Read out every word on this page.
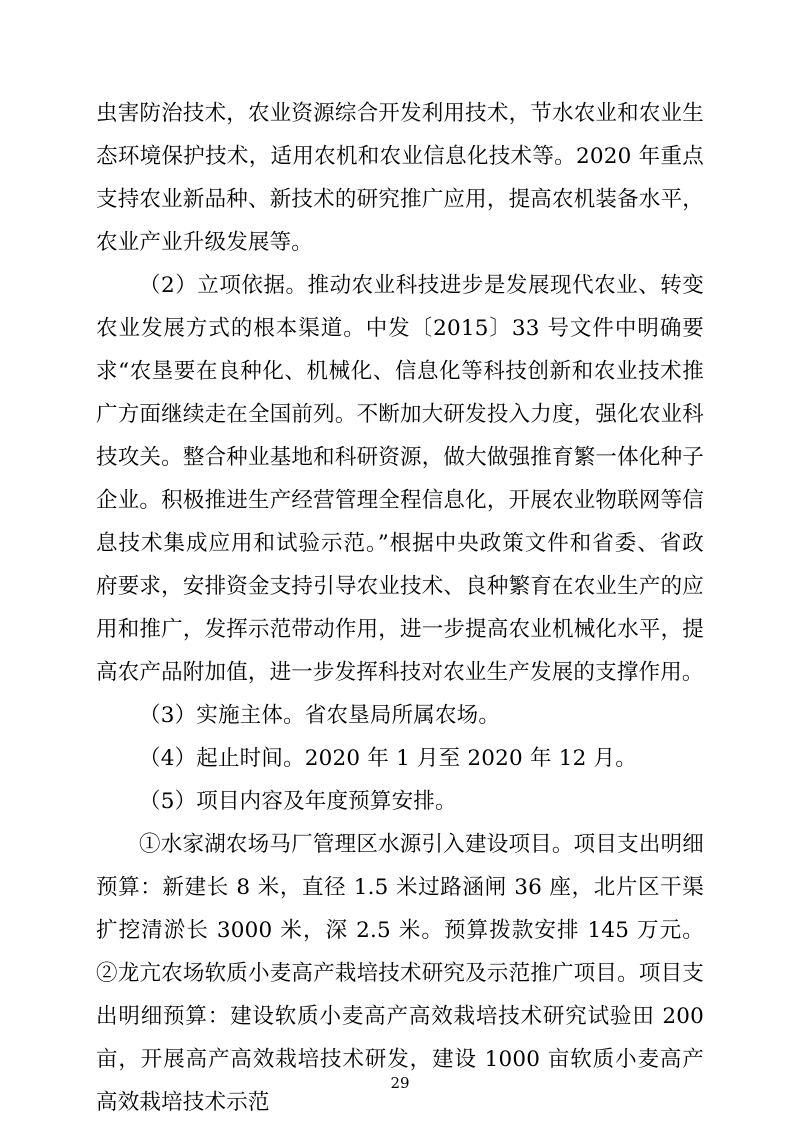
虫害防治技术，农业资源综合开发利用技术，节水农业和农业生态环境保护技术，适用农机和农业信息化技术等。2020 年重点支持农业新品种、新技术的研究推广应用，提高农机装备水平，农业产业升级发展等。

（2）立项依据。推动农业科技进步是发展现代农业、转变农业发展方式的根本渠道。中发〔2015〕33 号文件中明确要求“农垦要在良种化、机械化、信息化等科技创新和农业技术推广方面继续走在全国前列。不断加大研发投入力度，强化农业科技攻关。整合种业基地和科研资源，做大做强推育繁一体化种子企业。积极推进生产经营管理全程信息化，开展农业物联网等信息技术集成应用和试验示范。”根据中央政策文件和省委、省政府要求，安排资金支持引导农业技术、良种繁育在农业生产的应用和推广，发挥示范带动作用，进一步提高农业机械化水平，提高农产品附加值，进一步发挥科技对农业生产发展的支撑作用。

（3）实施主体。省农垦局所属农场。

（4）起止时间。2020 年 1 月至 2020 年 12 月。

（5）项目内容及年度预算安排。

①水家湖农场马厂管理区水源引入建设项目。项目支出明细预算：新建长 8 米，直径 1.5 米过路涵闸 36 座，北片区干渠扩挖清淤长 3000 米，深 2.5 米。预算拨款安排 145 万元。②龙亢农场软质小麦高产栽培技术研究及示范推广项目。项目支出明细预算：建设软质小麦高产高效栽培技术研究试验田 200 亩，开展高产高效栽培技术研发，建设 1000 亩软质小麦高产高效栽培技术示范

29
